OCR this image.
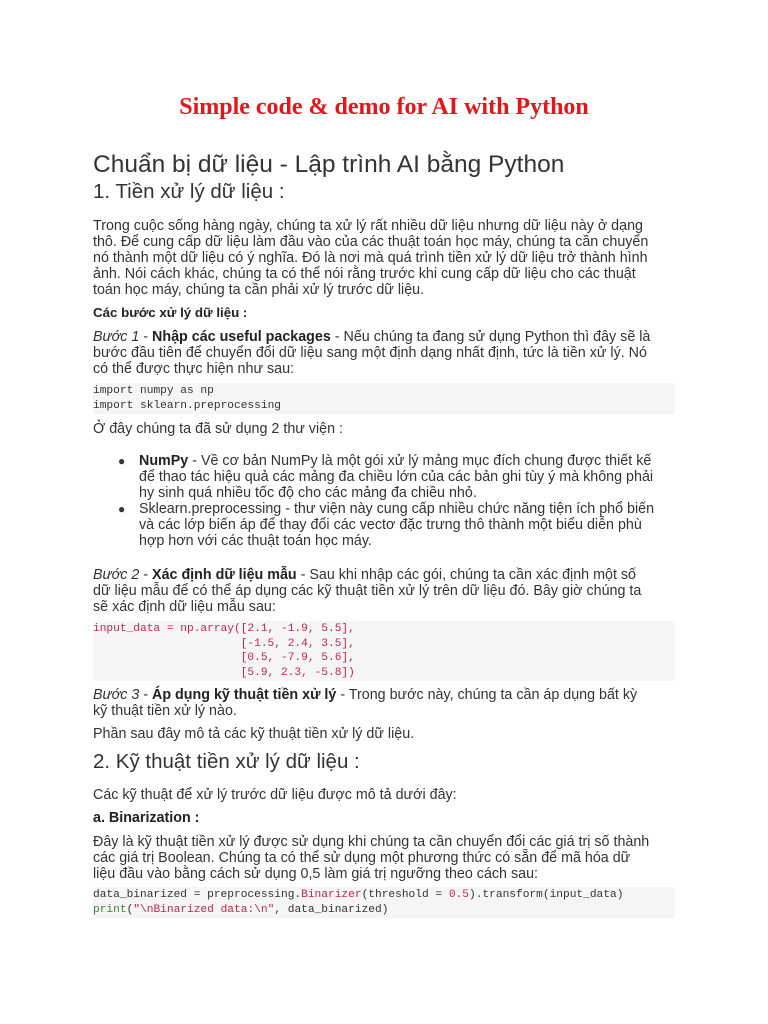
Simple code & demo for AI with Python
Chuẩn bị dữ liệu - Lập trình AI bằng Python
1. Tiền xử lý dữ liệu :
Trong cuộc sống hàng ngày, chúng ta xử lý rất nhiều dữ liệu nhưng dữ liệu này ở dạng
thô. Để cung cấp dữ liệu làm đầu vào của các thuật toán học máy, chúng ta cần chuyển
nó thành một dữ liệu có ý nghĩa. Đó là nơi mà quá trình tiền xử lý dữ liệu trở thành hình
ảnh. Nói cách khác, chúng ta có thể nói rằng trước khi cung cấp dữ liệu cho các thuật
toán học máy, chúng ta cần phải xử lý trước dữ liệu.
Các bước xử lý dữ liệu :
Bước 1 - Nhập các useful packages - Nếu chúng ta đang sử dụng Python thì đây sẽ là
bước đầu tiên để chuyển đổi dữ liệu sang một định dạng nhất định, tức là tiền xử lý. Nó
có thể được thực hiện như sau:
import numpy as np
import sklearn.preprocessing
Ở đây chúng ta đã sử dụng 2 thư viện :
● NumPy - Về cơ bản NumPy là một gói xử lý mảng mục đích chung được thiết kế
để thao tác hiệu quả các mảng đa chiều lớn của các bản ghi tùy ý mà không phải
hy sinh quá nhiều tốc độ cho các mảng đa chiều nhỏ.
● Sklearn.preprocessing - thư viện này cung cấp nhiều chức năng tiện ích phổ biến
và các lớp biến áp để thay đổi các vectơ đặc trưng thô thành một biểu diễn phù
hợp hơn với các thuật toán học máy.
Bước 2 - Xác định dữ liệu mẫu - Sau khi nhập các gói, chúng ta cần xác định một số
dữ liệu mẫu để có thể áp dụng các kỹ thuật tiền xử lý trên dữ liệu đó. Bây giờ chúng ta
sẽ xác định dữ liệu mẫu sau:
input_data = np.array([2.1, -1.9, 5.5],
[-1.5, 2.4, 3.5],
[0.5, -7.9, 5.6],
[5.9, 2.3, -5.8])
Bước 3 - Áp dụng kỹ thuật tiền xử lý - Trong bước này, chúng ta cần áp dụng bất kỳ
kỹ thuật tiền xử lý nào.
Phần sau đây mô tả các kỹ thuật tiền xử lý dữ liệu.
2. Kỹ thuật tiền xử lý dữ liệu :
Các kỹ thuật để xử lý trước dữ liệu được mô tả dưới đây:
a. Binarization :
Đây là kỹ thuật tiền xử lý được sử dụng khi chúng ta cần chuyển đổi các giá trị số thành
các giá trị Boolean. Chúng ta có thể sử dụng một phương thức có sẵn để mã hóa dữ
liệu đầu vào bằng cách sử dụng 0,5 làm giá trị ngưỡng theo cách sau:
data_binarized = preprocessing.Binarizer(threshold = 0.5).transform(input_data)
print("\nBinarized data:\n", data_binarized)
